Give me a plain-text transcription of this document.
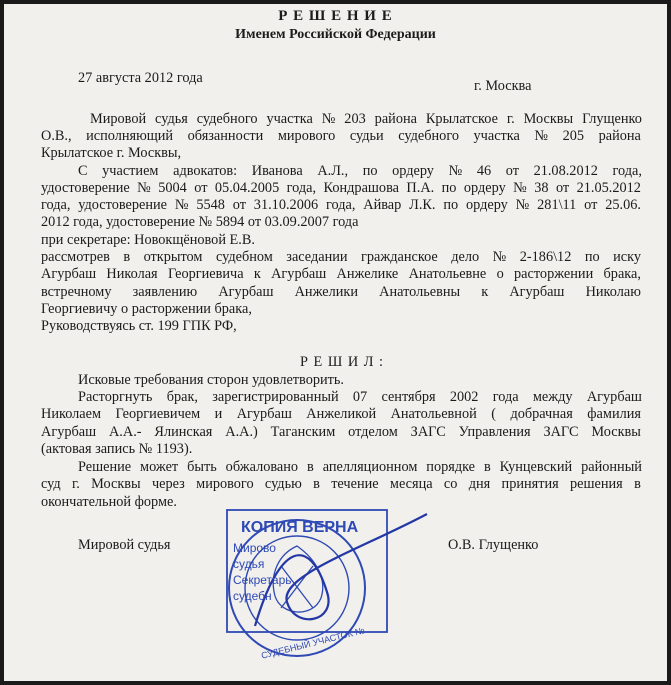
Р Е Ш Е Н И Е
Именем Российской Федерации
27 августа 2012 года	г. Москва
Мировой судья судебного участка № 203 района Крылатское г. Москвы Глущенко
О.В., исполняющий обязанности мирового судьи судебного участка № 205 района
Крылатское г. Москвы,
С участием адвокатов: Иванова А.Л., по ордеру № 46 от 21.08.2012 года,
удостоверение № 5004 от 05.04.2005 года, Кондрашова П.А. по ордеру № 38 от 21.05.2012
года, удостоверение № 5548 от 31.10.2006 года, Айвар Л.К. по ордеру № 281\11 от 25.06.
2012 года, удостоверение № 5894 от 03.09.2007 года
при секретаре: Новокщёновой Е.В.
рассмотрев в открытом судебном заседании гражданское дело № 2-186\12 по иску
Агурбаш Николая Георгиевича к Агурбаш Анжелике Анатольевне о расторжении брака,
встречному заявлению Агурбаш Анжелики Анатольевны к Агурбаш Николаю
Георгиевичу о расторжении брака,
Руководствуясь ст. 199 ГПК РФ,
Р Е Ш И Л :
Исковые требования сторон удовлетворить.
Расторгнуть брак, зарегистрированный 07 сентября 2002 года между Агурбаш
Николаем Георгиевичем и Агурбаш Анжеликой Анатольевной ( добрачная фамилия
Агурбаш А.А.- Ялинская А.А.) Таганским отделом ЗАГС Управления ЗАГС Москвы
(актовая запись № 1193).
Решение может быть обжаловано в апелляционном порядке в Кунцевский районный
суд г. Москвы через мирового судью в течение месяца со дня принятия решения в
окончательной форме.
Мировой судья	О.В. Глущенко
КОПИЯ ВЕРНА
Мирово
судья
Секретарь
судебн
СУДЕБНЫЙ УЧАСТОК №
